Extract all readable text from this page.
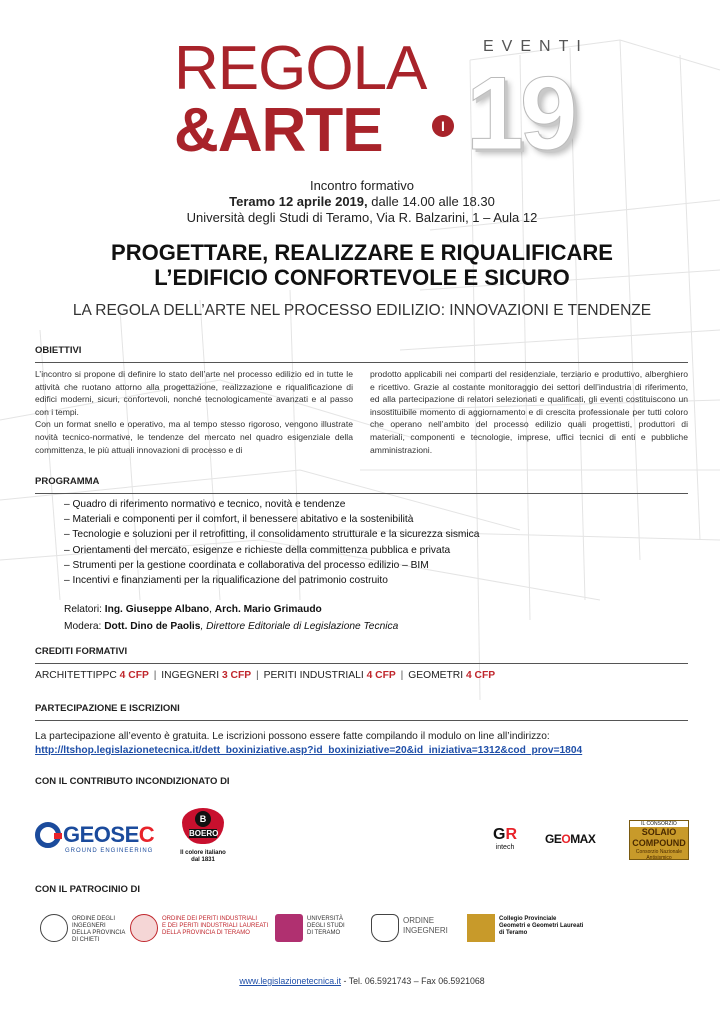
REGOLA
&ARTE	I
EVENTI
19
Incontro formativo
Teramo 12 aprile 2019, dalle 14.00 alle 18.30
Università degli Studi di Teramo, Via R. Balzarini, 1 – Aula 12
PROGETTARE, REALIZZARE E RIQUALIFICARE
L’EDIFICIO CONFORTEVOLE E SICURO
LA REGOLA DELL’ARTE NEL PROCESSO EDILIZIO: INNOVAZIONI E TENDENZE
OBIETTIVI

L’incontro si propone di definire lo stato dell’arte nel processo edilizio ed in tutte le attività che ruotano attorno alla progettazione, realizzazione e riqualificazione di edifici moderni, sicuri, confortevoli, nonché tecnologicamente avanzati e al passo con i tempi.

Con un format snello e operativo, ma al tempo stesso rigoroso, vengono illustrate novità tecnico-normative, le tendenze del mercato nel quadro esigenziale della committenza, le più attuali innovazioni di processo e di

prodotto applicabili nei comparti del residenziale, terziario e produttivo, alberghiero e ricettivo. Grazie al costante monitoraggio dei settori dell’industria di riferimento, ed alla partecipazione di relatori selezionati e qualificati, gli eventi costituiscono un insostituibile momento di aggiornamento e di crescita professionale per tutti coloro che operano nell’ambito del processo edilizio quali progettisti, produttori di materiali, componenti e tecnologie, imprese, uffici tecnici di enti e pubbliche amministrazioni.

PROGRAMMA
– Quadro di riferimento normativo e tecnico, novità e tendenze
– Materiali e componenti per il comfort, il benessere abitativo e la sostenibilità
– Tecnologie e soluzioni per il retrofitting, il consolidamento strutturale e la sicurezza sismica
– Orientamenti del mercato, esigenze e richieste della committenza pubblica e privata
– Strumenti per la gestione coordinata e collaborativa del processo edilizio – BIM
– Incentivi e finanziamenti per la riqualificazione del patrimonio costruito
Relatori: Ing. Giuseppe Albano, Arch. Mario Grimaudo
Modera: Dott. Dino de Paolis, Direttore Editoriale di Legislazione Tecnica
CREDITI FORMATIVI
ARCHITETTIPPC 4 CFP | INGEGNERI 3 CFP | PERITI INDUSTRIALI 4 CFP | GEOMETRI 4 CFP
PARTECIPAZIONE E ISCRIZIONI
La partecipazione all’evento è gratuita. Le iscrizioni possono essere fatte compilando il modulo on line all’indirizzo:
http://ltshop.legislazionetecnica.it/dett_boxiniziative.asp?id_boxiniziative=20&id_iniziativa=1312&cod_prov=1804
CON IL CONTRIBUTO INCONDIZIONATO DI
GEOSEC
GROUND ENGINEERING
B
BOERO
Il colore italiano
dal 1831
GR
intech
GEOMAX
IL CONSORZIO
SOLAIO
COMPOUND
Consorzio Nazionale Antisismico
CON IL PATROCINIO DI
ORDINE DEGLI
INGEGNERI
DELLA PROVINCIA
DI CHIETI
ORDINE DEI PERITI INDUSTRIALI
E DEI PERITI INDUSTRIALI LAUREATI
DELLA PROVINCIA DI TERAMO
UNIVERSITÀ
DEGLI STUDI
DI TERAMO
ORDINE
INGEGNERI
Collegio Provinciale
Geometri e Geometri Laureati
di Teramo
www.legislazionetecnica.it - Tel. 06.5921743 – Fax 06.5921068
